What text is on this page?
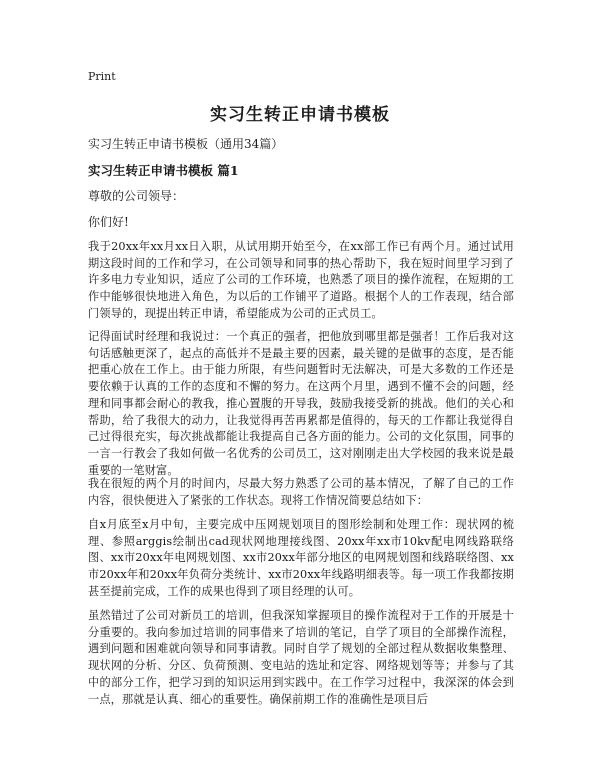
Print
实习生转正申请书模板

实习生转正申请书模板（通用34篇）

实习生转正申请书模板 篇1

尊敬的公司领导：

你们好!

我于20xx年xx月xx日入职，从试用期开始至今，在xx部工作已有两个月。通过试用期这段时间的工作和学习，在公司领导和同事的热心帮助下，我在短时间里学习到了许多电力专业知识，适应了公司的工作环境，也熟悉了项目的操作流程，在短期的工作中能够很快地进入角色，为以后的工作铺平了道路。根据个人的工作表现，结合部门领导的，现提出转正申请，希望能成为公司的正式员工。

记得面试时经理和我说过：一个真正的强者，把他放到哪里都是强者！工作后我对这句话感触更深了，起点的高低并不是最主要的因素，最关键的是做事的态度，是否能把重心放在工作上。由于能力所限，有些问题暂时无法解决，可是大多数的工作还是要依赖于认真的工作的态度和不懈的努力。在这两个月里，遇到不懂不会的问题，经理和同事都会耐心的教我，推心置腹的开导我，鼓励我接受新的挑战。他们的关心和帮助，给了我很大的动力，让我觉得再苦再累都是值得的，每天的工作都让我觉得自己过得很充实，每次挑战都能让我提高自己各方面的能力。公司的文化氛围，同事的一言一行教会了我如何做一名优秀的公司员工，这对刚刚走出大学校园的我来说是最重要的一笔财富。

我在很短的两个月的时间内，尽最大努力熟悉了公司的基本情况，了解了自己的工作内容，很快便进入了紧张的工作状态。现将工作情况简要总结如下：

自x月底至x月中旬，主要完成中压网规划项目的图形绘制和处理工作：现状网的梳理、参照arggis绘制出cad现状网地理接线图、20xx年xx市10kv配电网线路联络图、xx市20xx年电网规划图、xx市20xx年部分地区的电网规划图和线路联络图、xx市20xx年和20xx年负荷分类统计、xx市20xx年线路明细表等。每一项工作我都按期甚至提前完成，工作的成果也得到了项目经理的认可。

虽然错过了公司对新员工的培训，但我深知掌握项目的操作流程对于工作的开展是十分重要的。我向参加过培训的同事借来了培训的笔记，自学了项目的全部操作流程，遇到问题和困难就向领导和同事请教。同时自学了规划的全部过程从数据收集整理、现状网的分析、分区、负荷预测、变电站的选址和定容、网络规划等等；并参与了其中的部分工作，把学习到的知识运用到实践中。在工作学习过程中，我深深的体会到一点，那就是认真、细心的重要性。确保前期工作的准确性是项目后
